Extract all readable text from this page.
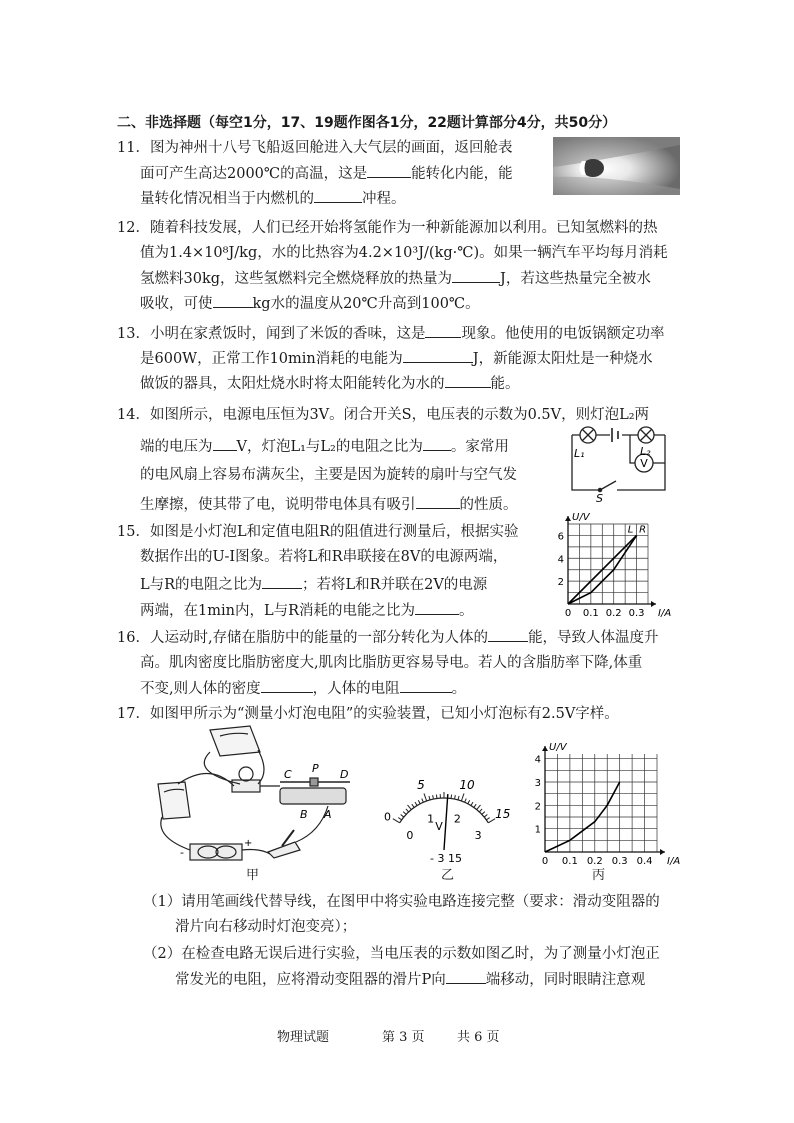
二、非选择题（每空1分，17、19题作图各1分，22题计算部分4分，共50分）
11．图为神州十八号飞船返回舱进入大气层的画面，返回舱表
面可产生高达2000℃的高温，这是	能转化内能，能
量转化情况相当于内燃机的	冲程。
12．随着科技发展，人们已经开始将氢能作为一种新能源加以利用。已知氢燃料的热
值为1.4×10⁸J/kg，水的比热容为4.2×10³J/(kg·℃)。如果一辆汽车平均每月消耗
氢燃料30kg，这些氢燃料完全燃烧释放的热量为	J，若这些热量完全被水
吸收，可使	kg水的温度从20℃升高到100℃。
13．小明在家煮饭时，闻到了米饭的香味，这是 现象。他使用的电饭锅额定功率
是600W，正常工作10min消耗的电能为	J，新能源太阳灶是一种烧水
做饭的器具，太阳灶烧水时将太阳能转化为水的	能。
14．如图所示，电源电压恒为3V。闭合开关S，电压表的示数为0.5V，则灯泡L₂两
端的电压为 V，灯泡L₁与L₂的电阻之比为 。家常用
的电风扇上容易布满灰尘，主要是因为旋转的扇叶与空气发
生摩擦，使其带了电，说明带电体具有吸引	的性质。
V
L₁	L₂
S
15．如图是小灯泡L和定值电阻R的阻值进行测量后，根据实验
数据作出的U-I图象。若将L和R串联接在8V的电源两端，
L与R的电阻之比为	；若将L和R并联在2V的电源
两端，在1min内，L与R消耗的电能之比为	。	I/A
U/V
0 0.1 0.2 0.3
2
4
6
L R
16．人运动时,存储在脂肪中的能量的一部分转化为人体的	能，导致人体温度升
高。肌肉密度比脂肪密度大,肌肉比脂肪更容易导电。若人的含脂肪率下降,体重
不变,则人体的密度	，人体的电阻	。
17．如图甲所示为“测量小灯泡电阻”的实验装置，已知小灯泡标有2.5V字样。
-
+
C P D
B A
5	10
15
0
0
1 2
3
V
- 3 15	I/A
U/V
0 0.1 0.2 0.3 0.4
1
2
3
4
甲	乙	丙
（1）请用笔画线代替导线，在图甲中将实验电路连接完整（要求：滑动变阻器的
滑片向右移动时灯泡变亮）；
（2）在检查电路无误后进行实验，当电压表的示数如图乙时，为了测量小灯泡正
常发光的电阻，应将滑动变阻器的滑片P向	端移动，同时眼睛注意观
物理试题	第 3 页 共 6 页
